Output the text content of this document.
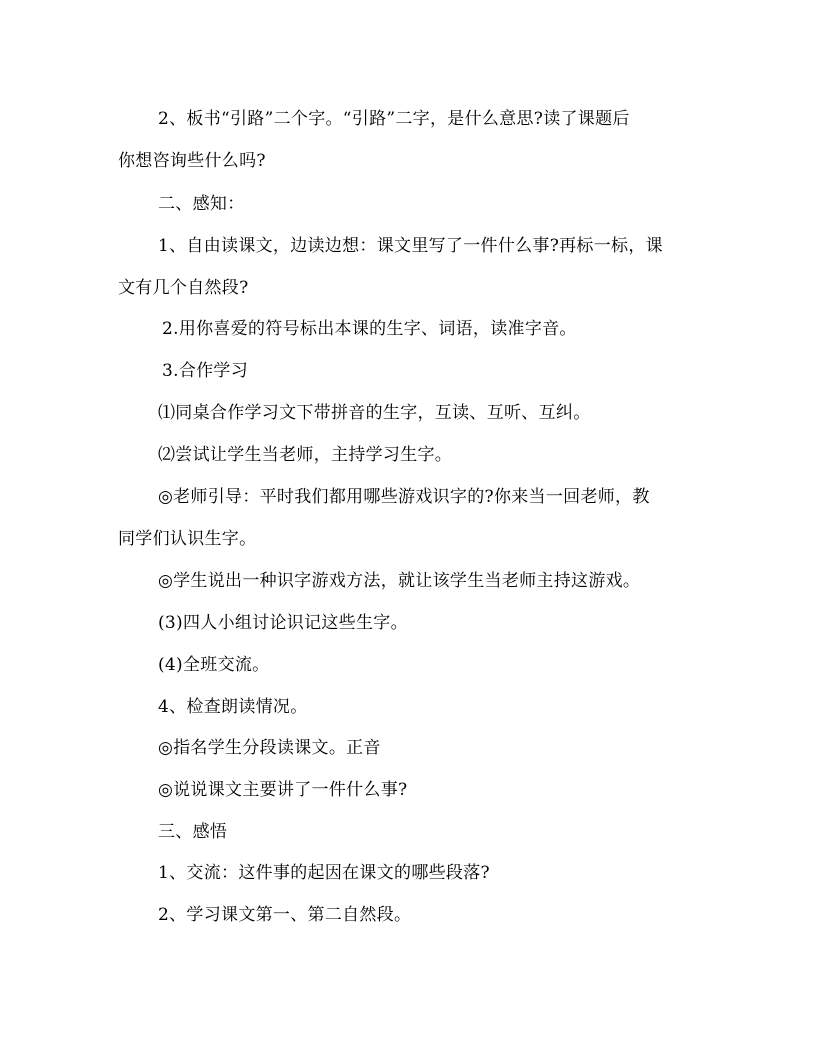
2、板书“引路”二个字。“引路”二字，是什么意思?读了课题后
你想咨询些什么吗?
二、感知：
1、自由读课文，边读边想：课文里写了一件什么事?再标一标，课
文有几个自然段?
2.用你喜爱的符号标出本课的生字、词语，读准字音。
3.合作学习
⑴同桌合作学习文下带拼音的生字，互读、互听、互纠。
⑵尝试让学生当老师，主持学习生字。
◎老师引导：平时我们都用哪些游戏识字的?你来当一回老师，教
同学们认识生字。
◎学生说出一种识字游戏方法，就让该学生当老师主持这游戏。
(3)四人小组讨论识记这些生字。
(4)全班交流。
4、检查朗读情况。
◎指名学生分段读课文。正音
◎说说课文主要讲了一件什么事?
三、感悟
1、交流：这件事的起因在课文的哪些段落?
2、学习课文第一、第二自然段。
